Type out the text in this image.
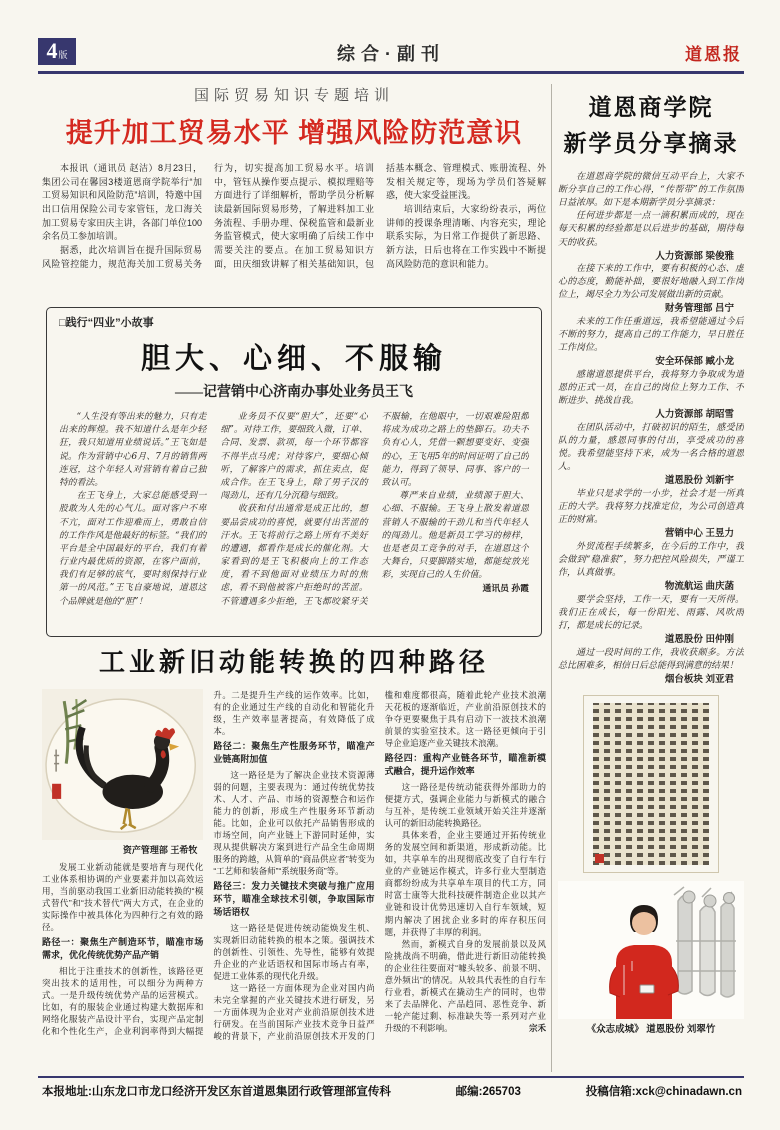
4 版	综合·副刊	道恩报
国际贸易知识专题培训
提升加工贸易水平 增强风险防范意识

本报讯（通讯员 赵洁）8月23日，集团公司在馨园3楼道恩商学院举行“加工贸易知识和风险防范”培训，特邀中国出口信用保险公司专家管钰，龙口海关加工贸易专家田庆主讲，各部门单位100余名员工参加培训。

据悉，此次培训旨在提升国际贸易风险管控能力，规范海关加工贸易关务行为，切实提高加工贸易水平。培训中，管钰从操作要点提示、模拟理赔等方面进行了详细解析，帮助学员分析解读最新国际贸易形势，了解进料加工业务流程、手册办理、保税监管和最新业务监管模式，使大家明确了后续工作中需要关注的要点。在加工贸易知识方面，田庆细致讲解了相关基础知识，包括基本概念、管理模式、账册流程、外发相关规定等，现场为学员们答疑解惑，使大家受益匪浅。

培训结束后，大家纷纷表示，两位讲师的授课条理清晰、内容充实，理论联系实际，为日常工作提供了新思路、新方法，日后也将在工作实践中不断提高风险防范的意识和能力。

□践行“四业”小故事
胆大、心细、不服输
——记营销中心济南办事处业务员王飞

“人生没有等出来的魅力，只有走出来的辉煌。我不知道什么是年少轻狂，我只知道用业绩说话。”王飞如是说。作为营销中心6月、7月的销售两连冠，这个年轻人对营销有着自己独特的看法。

在王飞身上，大家总能感受到一股敢为人先的心气儿。面对客户不卑不亢，面对工作迎难而上，勇敢自信的工作作风是他最好的标签。“我们的平台是全中国最好的平台，我们有着行业内最优质的资源，在客户面前，我们有足够的底气，要时刻保持行业第一的风范。”王飞自豪地说，道恩这个品牌就是他的“胆”！

业务员不仅要“胆大”，还要“心细”。对待工作，要细致入微，订单、合同、发票、款项，每一个环节都容不得半点马虎；对待客户，要细心倾听，了解客户的需求，抓住卖点，促成合作。在王飞身上，除了男子汉的闯劲儿，还有几分沉稳与细致。

收获和付出通常是成正比的，想要品尝成功的喜悦，就要付出苦涩的汗水。王飞将前行之路上所有不美好的遭遇，都看作是成长的催化剂。大家看到的是王飞积极向上的工作态度，看不到他面对业绩压力时的焦虑，看不到他被客户拒绝时的苦涩。不管遭遇多少拒绝，王飞都咬紧牙关不服输，在他眼中，一切艰难险阻都将成为成功之路上的垫脚石。功夫不负有心人，凭借一颗想要变好、变强的心，王飞用5年的时间证明了自己的能力，得到了领导、同事、客户的一致认可。

尊严来自业绩，业绩源于胆大、心细、不服输。王飞身上散发着道恩营销人不服输的干劲儿和当代年轻人的闯劲儿。他是新员工学习的榜样，也是老员工竞争的对手，在道恩这个大舞台，只要脚踏实地，都能绽放光彩，实现自己的人生价值。
通讯员 孙霞

工业新旧动能转换的四种路径
资产管理部 王希牧

发展工业新动能就是要培育与现代化工业体系相协调的产业要素并加以高效运用，当前驱动我国工业新旧动能转换的“模式替代”和“技术替代”两大方式，在企业的实际操作中被具体化为四种行之有效的路径。

路径一：聚焦生产制造环节，瞄准市场需求，优化传统优势产品产销

相比于注重技术的创新性，该路径更突出技术的适用性，可以细分为两种方式。一是升级传统优势产品的运营模式。比如，有的服装企业通过构建大数据库和网络化服装产品设计平台，实现产品定制化和个性化生产，企业利润率得到大幅提升。二是提升生产线的运作效率。比如，有的企业通过生产线的自动化和智能化升级，生产效率显著提高，有效降低了成本。

路径二：聚焦生产性服务环节，瞄准产业链高附加值

这一路径是为了解决企业技术资源薄弱的问题，主要表现为：通过传统优势技术、人才、产品、市场的资源整合和运作能力的创新，形成生产性服务环节新动能。比如，企业可以依托产品销售形成的市场空间，向产业链上下游同时延伸，实现从提供解决方案到进行产品全生命周期服务的跨越，从简单的“商品供应者”转变为“工艺师和装备师”“系统服务商”等。

路径三：发力关键技术突破与推广应用环节，瞄准全球技术引领，争取国际市场话语权

这一路径是促进传统动能焕发生机、实现新旧动能转换的根本之策。强调技术的创新性、引领性、先导性，能够有效提升企业的产业话语权和国际市场占有率，促进工业体系的现代化升级。

这一路径一方面体现为企业对国内尚未完全掌握的产业关键技术进行研发，另一方面体现为企业对产业前沿原创技术进行研发。在当前国际产业技术竞争日益严峻的背景下，产业前沿原创技术开发的门槛和难度都很高，随着此轮产业技术浪潮天花板的逐渐临近，产业前沿原创技术的争夺更要聚焦于具有启动下一波技术浪潮前景的实验室技术。这一路径更倾向于引导企业追逐产业关键技术浪潮。

路径四：重构产业链各环节，瞄准新模式融合，提升运作效率

这一路径是传统动能获得外部助力的便捷方式，强调企业能力与新模式的融合与互补，是传统工业领域开始关注并逐渐认可的新旧动能转换路径。

具体来看，企业主要通过开拓传统业务的发展空间和新渠道，形成新动能。比如，共享单车的出现彻底改变了自行车行业的产业链运作模式，许多行业大型制造商都纷纷成为共享单车项目的代工方，同时富士康等大批科技硬件制造企业以其产业链和设计优势迅速切入自行车领域，短期内解决了困扰企业多时的库存积压问题，并获得了丰厚的利润。

然而，新模式自身的发展前景以及风险挑战尚不明确，借此进行新旧动能转换的企业往往要面对“噱头较多、前景不明、意外频出”的情况。从较具代表性的自行车行业看，新模式在撬动生产的同时，也带来了去品牌化、产品趋同、恶性竞争、新一轮产能过剩、标准缺失等一系列对产业升级的不利影响。	宗禾

道恩商学院
新学员分享摘录

在道恩商学院的微信互动平台上，大家不断分享自己的工作心得，“传帮带”的工作氛围日益浓厚。如下是本期新学员分享摘录：

任何进步都是一点一滴积累而成的，现在每天积累的经验都是以后进步的基础，期待每天的收获。

人力资源部 梁俊雅

在接下来的工作中，要有积极的心态、虚心的态度，勤能补拙，要很好地融入到工作岗位上，竭尽全力为公司发展做出新的贡献。

财务管理部 吕宁

未来的工作任重道远，我希望能通过今后不断的努力，提高自己的工作能力，早日胜任工作岗位。

安全环保部 臧小龙

感谢道恩提供平台，我将努力争取成为道恩的正式一员，在自己的岗位上努力工作、不断进步、挑战自我。

人力资源部 胡昭雪

在团队活动中，打破初识的陌生，感受团队的力量，感恩同事的付出，享受成功的喜悦。我希望能坚持下来，成为一名合格的道恩人。

道恩股份 刘新宇

毕业只是求学的一小步，社会才是一所真正的大学。我将努力找准定位，为公司创造真正的财富。

营销中心 王昱力

外贸流程手续繁多，在今后的工作中，我会做到“稳准狠”，努力把控风险损失，严谨工作，认真做事。

物流航运 曲庆菡

要学会坚持，工作一天，要有一天所得。我们正在成长，每一份阳光、雨露、风吹雨打，都是成长的记录。

道恩股份 田仲刚

通过一段时间的工作，我收获颇多。方法总比困难多，相信日后总能得到满意的结果！

烟台板块 刘亚君

《众志成城》 道恩股份 刘翠竹
本报地址:山东龙口市龙口经济开发区东首道恩集团行政管理部宣传科	邮编:265703	投稿信箱:xck@chinadawn.cn
